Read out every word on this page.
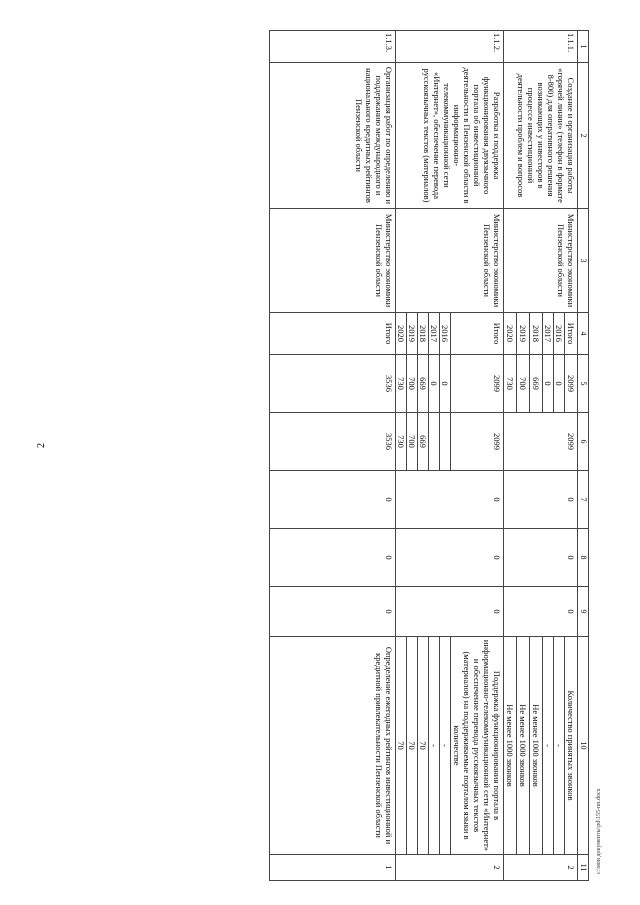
2
1	2	3	4	5	6	7	8	9	10	11
1.1.1.	Создание и организация работы «горячей линии» (телефон в формате 8-800) для оперативного решения возникающих у инвесторов в процессе инвестиционной деятельности проблем и вопросов	Министерство экономики Пензенской области	Итого	2099	2099	0	0	0	Количество принятых звонков	2
			2016	0					-	
			2017	0					-	
			2018	669					Не менее 1000 звонков	
			2019	700					Не менее 1000 звонков	
			2020	730					Не менее 1000 звонков	
1.1.2.	Разработка и поддержка функционирования двуязычного портала об инвестиционной деятельности в Пензенской области в информационно-телекоммуникационной сети «Интернет», обеспечение перевода русскоязычных текстов (материалов)	Министерство экономики Пензенской области	Итого	2099	2099	0	0	0	Поддержка функционирования портала в информационно-телекоммуникационной сети «Интернет» и обеспечение перевода русскоязычных текстов (материалов) на поддерживаемые порталом языки в количестве	2
			2016	0					-	
			2017	0					-	
			2018	669	669				70	
			2019	700	700				70	
			2020	730	730				70	
1.1.3.	Организация работ по определению и поддержанию международного и национального кредитных рейтингов Пензенской области	Министерство экономики Пензенской области	Итого	3536	3536	0	0	0	Определение ежегодных рейтингов инвестиционной и кредитной привлекательности Пензенской области	1	c:\мои документы\pd\155-пп.docx
